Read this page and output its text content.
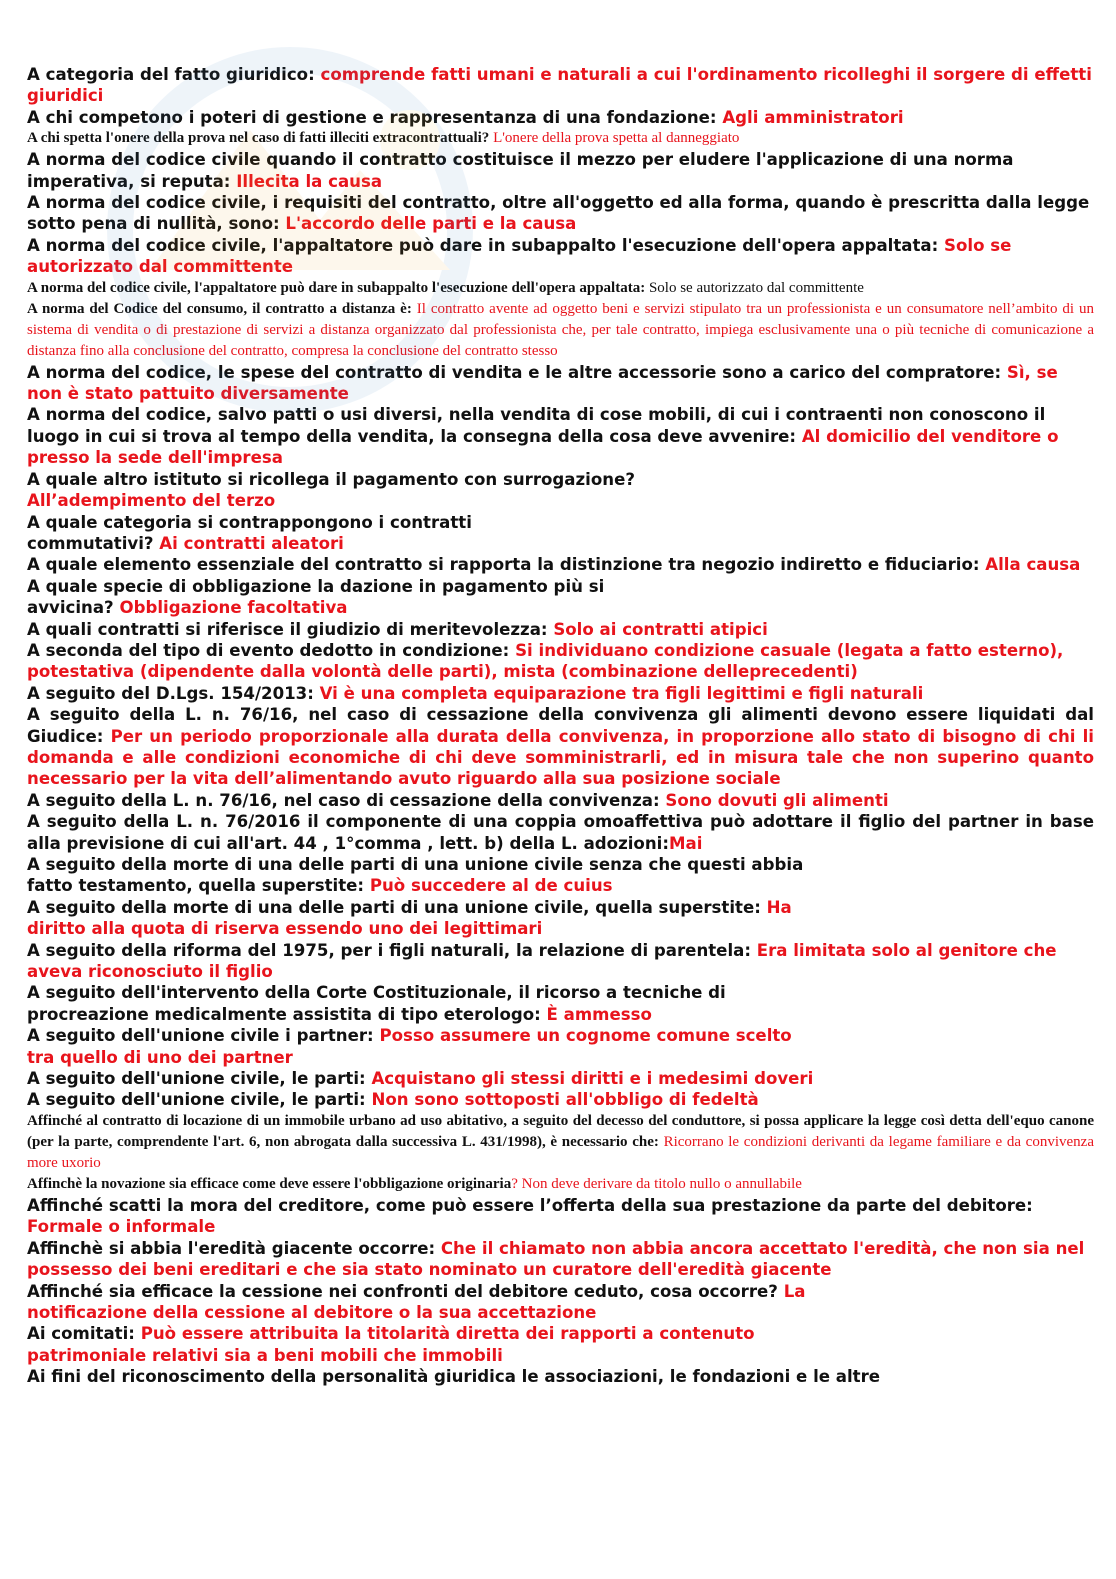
A categoria del fatto giuridico: comprende fatti umani e naturali a cui l'ordinamento ricolleghi il sorgere di effetti giuridici

A chi competono i poteri di gestione e rappresentanza di una fondazione: Agli amministratori

A chi spetta l'onere della prova nel caso di fatti illeciti extracontrattuali? L'onere della prova spetta al danneggiato

A norma del codice civile quando il contratto costituisce il mezzo per eludere l'applicazione di una norma imperativa, si reputa: Illecita la causa

A norma del codice civile, i requisiti del contratto, oltre all'oggetto ed alla forma, quando è prescritta dalla legge sotto pena di nullità, sono: L'accordo delle parti e la causa

A norma del codice civile, l'appaltatore può dare in subappalto l'esecuzione dell'opera appaltata: Solo se autorizzato dal committente

A norma del codice civile, l'appaltatore può dare in subappalto l'esecuzione dell'opera appaltata: Solo se autorizzato dal committente

A norma del Codice del consumo, il contratto a distanza è: Il contratto avente ad oggetto beni e servizi stipulato tra un professionista e un consumatore nell’ambito di un sistema di vendita o di prestazione di servizi a distanza organizzato dal professionista che, per tale contratto, impiega esclusivamente una o più tecniche di comunicazione a distanza fino alla conclusione del contratto, compresa la conclusione del contratto stesso

A norma del codice, le spese del contratto di vendita e le altre accessorie sono a carico del compratore: Sì, se non è stato pattuito diversamente

A norma del codice, salvo patti o usi diversi, nella vendita di cose mobili, di cui i contraenti non conoscono il luogo in cui si trova al tempo della vendita, la consegna della cosa deve avvenire: Al domicilio del venditore o presso la sede dell'impresa

A quale altro istituto si ricollega il pagamento con surrogazione?
All’adempimento del terzo

A quale categoria si contrappongono i contratti
commutativi? Ai contratti aleatori

A quale elemento essenziale del contratto si rapporta la distinzione tra negozio indiretto e fiduciario: Alla causa

A quale specie di obbligazione la dazione in pagamento più si
avvicina? Obbligazione facoltativa

A quali contratti si riferisce il giudizio di meritevolezza: Solo ai contratti atipici

A seconda del tipo di evento dedotto in condizione: Si individuano condizione casuale (legata a fatto esterno), potestativa (dipendente dalla volontà delle parti), mista (combinazione delleprecedenti)

A seguito del D.Lgs. 154/2013: Vi è una completa equiparazione tra figli legittimi e figli naturali

A seguito della L. n. 76/16, nel caso di cessazione della convivenza gli alimenti devono essere liquidati dal Giudice: Per un periodo proporzionale alla durata della convivenza, in proporzione allo stato di bisogno di chi li domanda e alle condizioni economiche di chi deve somministrarli, ed in misura tale che non superino quanto necessario per la vita dell’alimentando avuto riguardo alla sua posizione sociale

A seguito della L. n. 76/16, nel caso di cessazione della convivenza: Sono dovuti gli alimenti

A seguito della L. n. 76/2016 il componente di una coppia omoaffettiva può adottare il figlio del partner in base alla previsione di cui all'art. 44 , 1°comma , lett. b) della L. adozioni:Mai

A seguito della morte di una delle parti di una unione civile senza che questi abbia
fatto testamento, quella superstite: Può succedere al de cuius

A seguito della morte di una delle parti di una unione civile, quella superstite: Ha
diritto alla quota di riserva essendo uno dei legittimari

A seguito della riforma del 1975, per i figli naturali, la relazione di parentela: Era limitata solo al genitore che aveva riconosciuto il figlio

A seguito dell'intervento della Corte Costituzionale, il ricorso a tecniche di
procreazione medicalmente assistita di tipo eterologo: È ammesso

A seguito dell'unione civile i partner: Posso assumere un cognome comune scelto
tra quello di uno dei partner

A seguito dell'unione civile, le parti: Acquistano gli stessi diritti e i medesimi doveri

A seguito dell'unione civile, le parti: Non sono sottoposti all'obbligo di fedeltà

Affinché al contratto di locazione di un immobile urbano ad uso abitativo, a seguito del decesso del conduttore, si possa applicare la legge così detta dell'equo canone (per la parte, comprendente l'art. 6, non abrogata dalla successiva L. 431/1998), è necessario che: Ricorrano le condizioni derivanti da legame familiare e da convivenza more uxorio

Affinchè la novazione sia efficace come deve essere l'obbligazione originaria? Non deve derivare da titolo nullo o annullabile

Affinché scatti la mora del creditore, come può essere l’offerta della sua prestazione da parte del debitore: Formale o informale

Affinchè si abbia l'eredità giacente occorre: Che il chiamato non abbia ancora accettato l'eredità, che non sia nel possesso dei beni ereditari e che sia stato nominato un curatore dell'eredità giacente

Affinché sia efficace la cessione nei confronti del debitore ceduto, cosa occorre? La
notificazione della cessione al debitore o la sua accettazione

Ai comitati: Può essere attribuita la titolarità diretta dei rapporti a contenuto
patrimoniale relativi sia a beni mobili che immobili

Ai fini del riconoscimento della personalità giuridica le associazioni, le fondazioni e le altre
